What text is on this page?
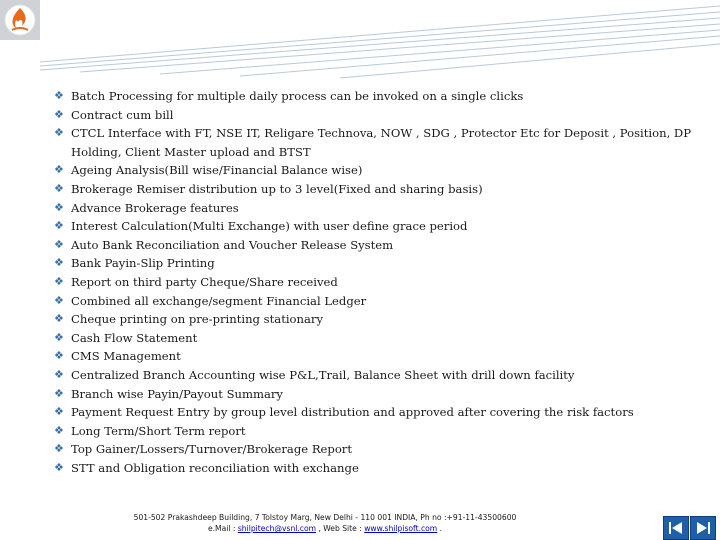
❖ Batch Processing for multiple daily process can be invoked on a single clicks
❖ Contract cum bill
❖ CTCL Interface with FT, NSE IT, Religare Technova, NOW , SDG , Protector Etc for Deposit , Position, DP Holding, Client Master upload and BTST
❖ Ageing Analysis(Bill wise/Financial Balance wise)
❖ Brokerage Remiser distribution up to 3 level(Fixed and sharing basis)
❖ Advance Brokerage features
❖ Interest Calculation(Multi Exchange) with user define grace period
❖ Auto Bank Reconciliation and Voucher Release System
❖ Bank Payin-Slip Printing
❖ Report on third party Cheque/Share received
❖ Combined all exchange/segment Financial Ledger
❖ Cheque printing on pre-printing stationary
❖ Cash Flow Statement
❖ CMS Management
❖ Centralized Branch Accounting wise P&L,Trail, Balance Sheet with drill down facility
❖ Branch wise Payin/Payout Summary
❖ Payment Request Entry by group level distribution and approved after covering the risk factors
❖ Long Term/Short Term report
❖ Top Gainer/Lossers/Turnover/Brokerage Report
❖ STT and Obligation reconciliation with exchange
501-502 Prakashdeep Building, 7 Tolstoy Marg, New Delhi - 110 001 INDIA, Ph no :+91-11-43500600
e.Mail : shilpitech@vsnl.com , Web Site : www.shilpisoft.com .
